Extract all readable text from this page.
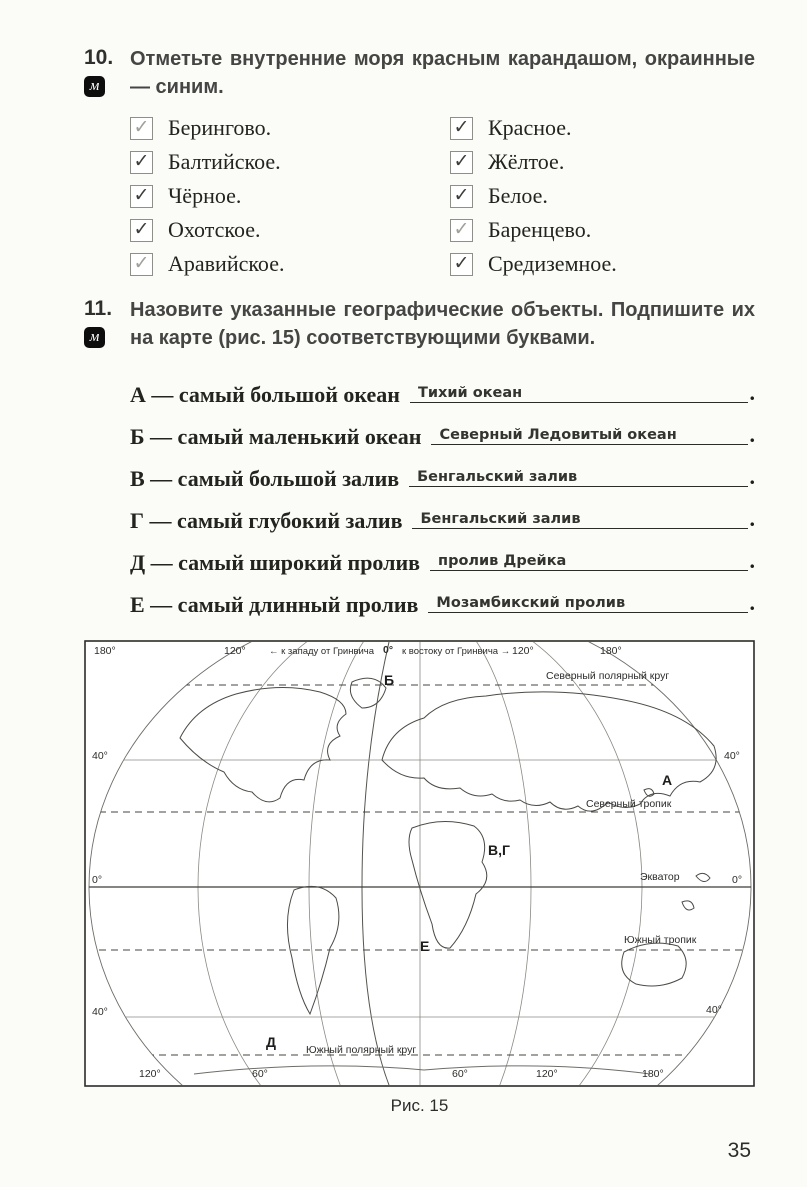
10.
м
Отметьте внутренние моря красным карандашом, окраинные — синим.
✓ Берингово.
✓ Балтийское.
✓ Чёрное.
✓ Охотское.
✓ Аравийское.
✓ Красное.
✓ Жёлтое.
✓ Белое.
✓ Баренцево.
✓ Средиземное.
11.
м
Назовите указанные географические объекты. Подпишите их на карте (рис. 15) соответствующими буквами.
А — самый большой океан	Тихий океан	.
Б — самый маленький океан	Северный Ледовитый океан	.
В — самый большой залив	Бенгальский залив	.
Г — самый глубокий залив	Бенгальский залив	.
Д — самый широкий пролив	пролив Дрейка	.
Е — самый длинный пролив	Мозамбикский пролив	.
180°	120° ← к западу от Гринвича 0° к востоку от Гринвича → 120°	180°
Северный полярный круг
Б
40°	40°
А
Северный тропик
В,Г
Экватор
0°	0°
Южный тропик
Е
40°	40°
Д	Южный полярный круг
120°	60°	60°	120°	180°
Рис. 15
35
